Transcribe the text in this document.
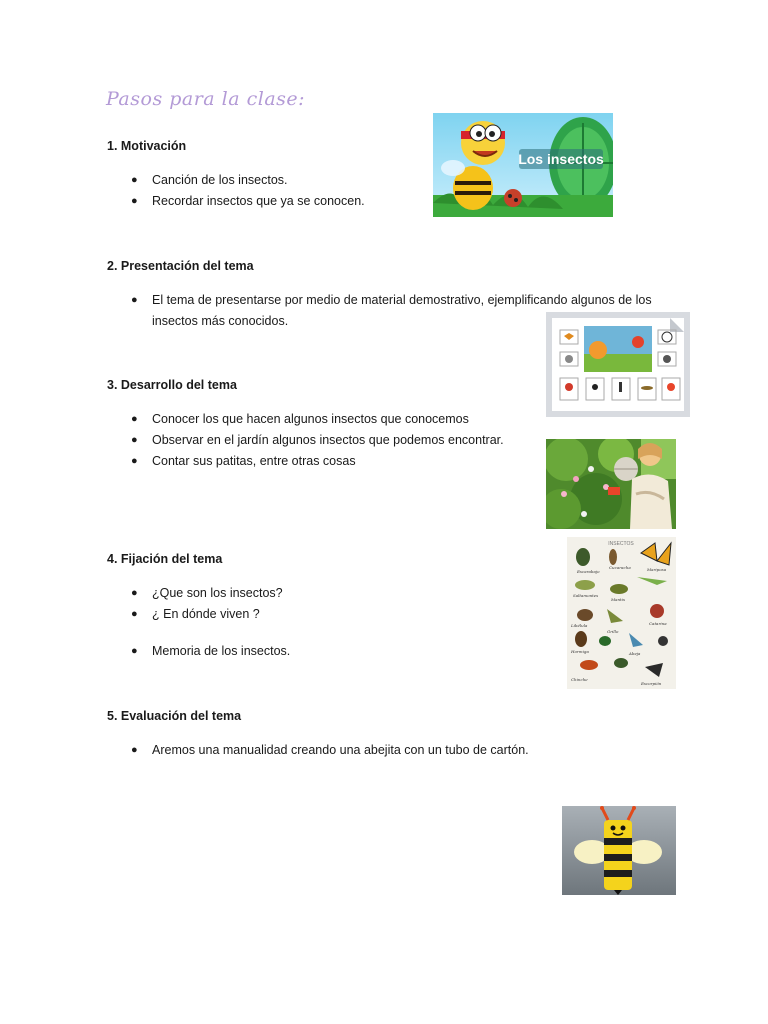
Pasos para la clase:
1. Motivación
● Canción de los insectos.
● Recordar insectos que ya se conocen.
2. Presentación del tema
● El tema de presentarse por medio de material demostrativo, ejemplificando algunos de los
insectos más conocidos.
3. Desarrollo del tema
● Conocer los que hacen algunos insectos que conocemos
● Observar en el jardín algunos insectos que podemos encontrar.
● Contar sus patitas, entre otras cosas
4. Fijación del tema
● ¿Que son los insectos?
● ¿ En dónde viven ?
● Memoria de los insectos.
5. Evaluación del tema
● Aremos una manualidad creando una abejita con un tubo de cartón.
Los insectos
INSECTOS
Escarabajo
Cucaracha	Mariposa
Saltamontes
Mantis
Libélula
Hormiga	Abeja
Grillo
Catarina
Chinche
Escorpión
